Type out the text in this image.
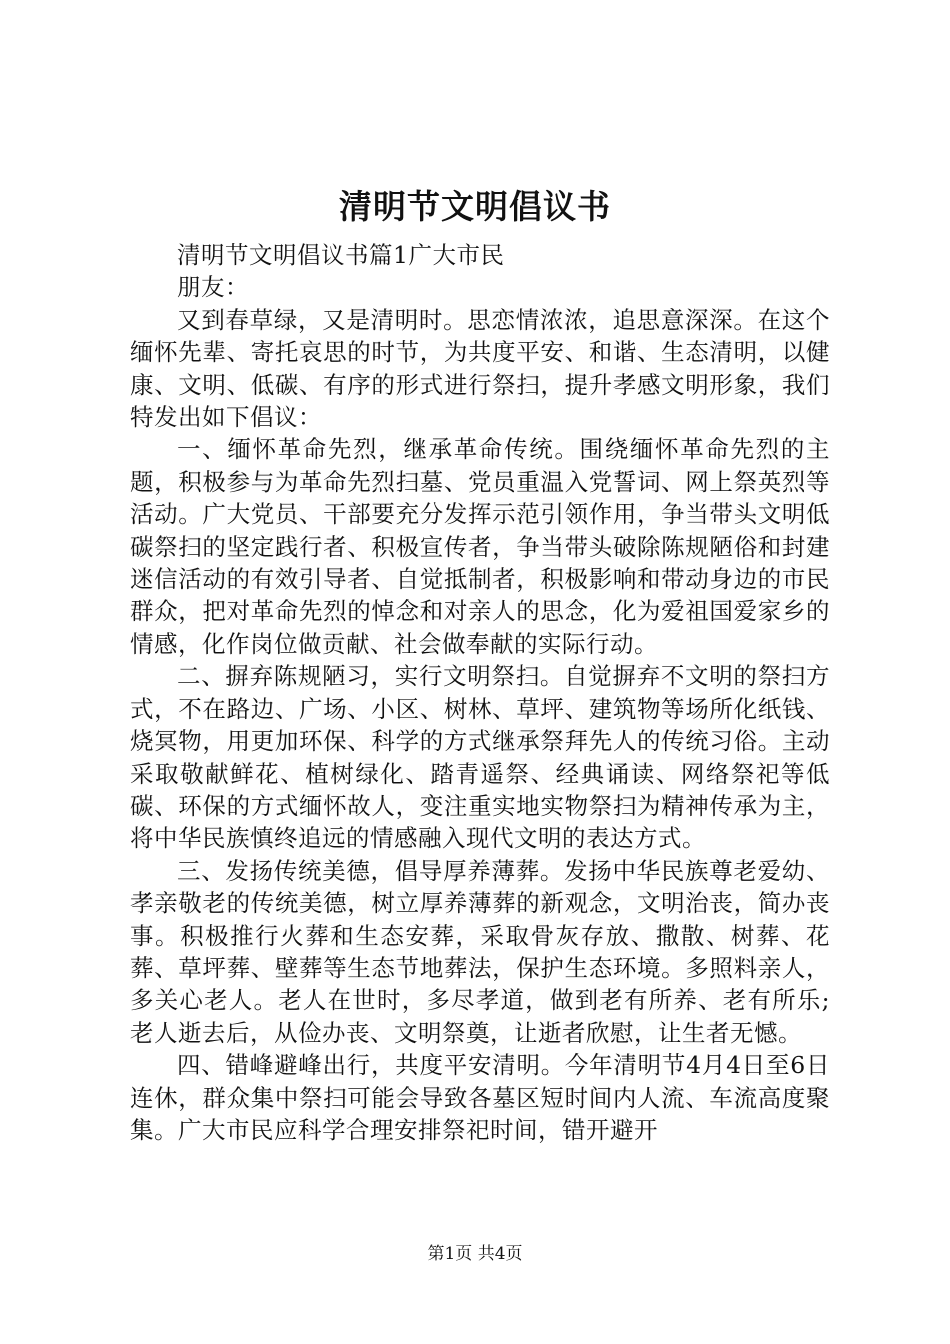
清明节文明倡议书

清明节文明倡议书篇1广大市民

朋友：

又到春草绿，又是清明时。思恋情浓浓，追思意深深。在这个缅怀先辈、寄托哀思的时节，为共度平安、和谐、生态清明，以健康、文明、低碳、有序的形式进行祭扫，提升孝感文明形象，我们特发出如下倡议：

一、缅怀革命先烈，继承革命传统。围绕缅怀革命先烈的主题，积极参与为革命先烈扫墓、党员重温入党誓词、网上祭英烈等活动。广大党员、干部要充分发挥示范引领作用，争当带头文明低碳祭扫的坚定践行者、积极宣传者，争当带头破除陈规陋俗和封建迷信活动的有效引导者、自觉抵制者，积极影响和带动身边的市民群众，把对革命先烈的悼念和对亲人的思念，化为爱祖国爱家乡的情感，化作岗位做贡献、社会做奉献的实际行动。

二、摒弃陈规陋习，实行文明祭扫。自觉摒弃不文明的祭扫方式，不在路边、广场、小区、树林、草坪、建筑物等场所化纸钱、烧冥物，用更加环保、科学的方式继承祭拜先人的传统习俗。主动采取敬献鲜花、植树绿化、踏青遥祭、经典诵读、网络祭祀等低碳、环保的方式缅怀故人，变注重实地实物祭扫为精神传承为主，将中华民族慎终追远的情感融入现代文明的表达方式。

三、发扬传统美德，倡导厚养薄葬。发扬中华民族尊老爱幼、孝亲敬老的传统美德，树立厚养薄葬的新观念，文明治丧，简办丧事。积极推行火葬和生态安葬，采取骨灰存放、撒散、树葬、花葬、草坪葬、壁葬等生态节地葬法，保护生态环境。多照料亲人，多关心老人。老人在世时，多尽孝道，做到老有所养、老有所乐;老人逝去后，从俭办丧、文明祭奠，让逝者欣慰，让生者无憾。

四、错峰避峰出行，共度平安清明。今年清明节4月4日至6日连休，群众集中祭扫可能会导致各墓区短时间内人流、车流高度聚集。广大市民应科学合理安排祭祀时间，错开避开

第1页 共4页
